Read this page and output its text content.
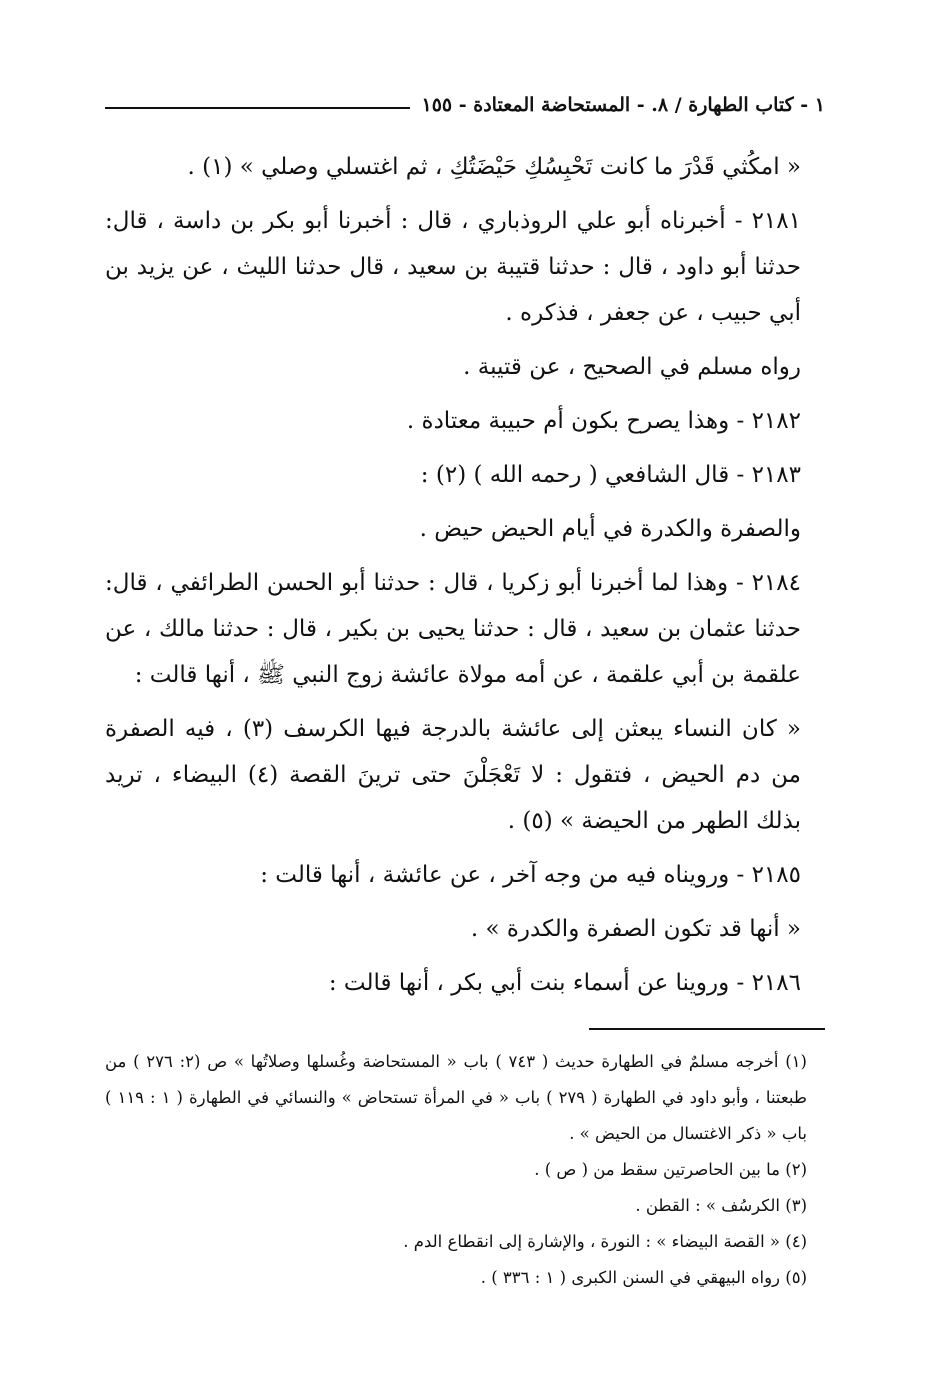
١ - كتاب الطهارة / ٨. - المستحاضة المعتادة - ١٥٥

« امكُثي قَدْرَ ما كانت تَحْبِسُكِ حَيْضَتُكِ ، ثم اغتسلي وصلي » (١) .

٢١٨١ - أخبرناه أبو علي الروذباري ، قال : أخبرنا أبو بكر بن داسة ، قال: حدثنا أبو داود ، قال : حدثنا قتيبة بن سعيد ، قال حدثنا الليث ، عن يزيد بن أبي حبيب ، عن جعفر ، فذكره .

رواه مسلم في الصحيح ، عن قتيبة .

٢١٨٢ - وهذا يصرح بكون أم حبيبة معتادة .

٢١٨٣ - قال الشافعي ( رحمه الله ) (٢) :

والصفرة والكدرة في أيام الحيض حيض .

٢١٨٤ - وهذا لما أخبرنا أبو زكريا ، قال : حدثنا أبو الحسن الطرائفي ، قال: حدثنا عثمان بن سعيد ، قال : حدثنا يحيى بن بكير ، قال : حدثنا مالك ، عن علقمة بن أبي علقمة ، عن أمه مولاة عائشة زوج النبي ﷺ ، أنها قالت :

« كان النساء يبعثن إلى عائشة بالدرجة فيها الكرسف (٣) ، فيه الصفرة من دم الحيض ، فتقول : لا تَعْجَلْنَ حتى ترينَ القصة (٤) البيضاء ، تريد بذلك الطهر من الحيضة » (٥) .

٢١٨٥ - ورويناه فيه من وجه آخر ، عن عائشة ، أنها قالت :

« أنها قد تكون الصفرة والكدرة » .

٢١٨٦ - وروينا عن أسماء بنت أبي بكر ، أنها قالت :

(١) أخرجه مسلمٌ في الطهارة حديث ( ٧٤٣ ) باب « المستحاضة وغُسلها وصلاتُها » ص (٢: ٢٧٦ ) من طبعتنا ، وأبو داود في الطهارة ( ٢٧٩ ) باب « في المرأة تستحاض » والنسائي في الطهارة ( ١ : ١١٩ ) باب « ذكر الاغتسال من الحيض » .

(٢) ما بين الحاصرتين سقط من ( ص ) .

(٣) الكرسُف » : القطن .

(٤) « القصة البيضاء » : النورة ، والإشارة إلى انقطاع الدم .

(٥) رواه البيهقي في السنن الكبرى ( ١ : ٣٣٦ ) .
